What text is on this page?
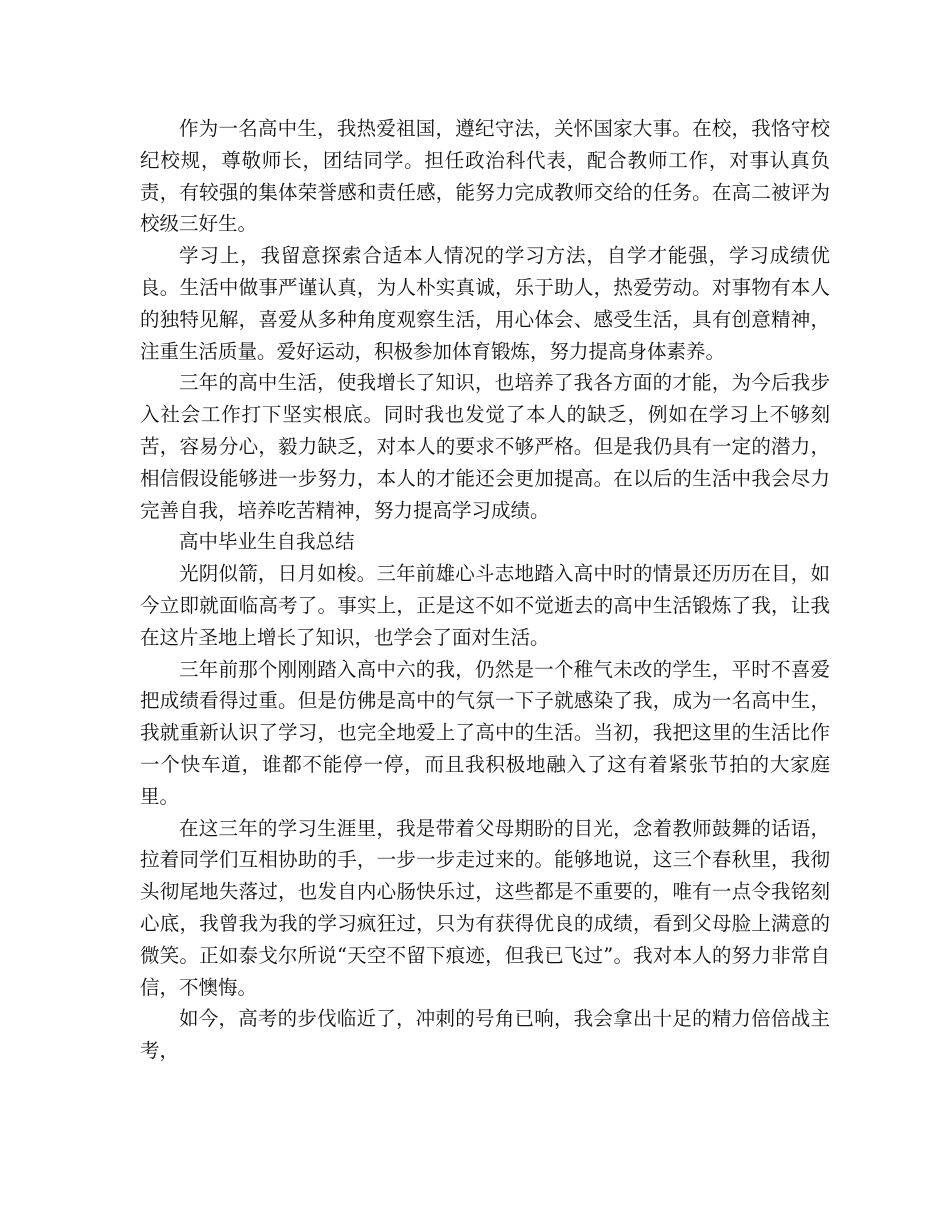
作为一名高中生，我热爱祖国，遵纪守法，关怀国家大事。在校，我恪守校纪校规，尊敬师长，团结同学。担任政治科代表，配合教师工作，对事认真负责，有较强的集体荣誉感和责任感，能努力完成教师交给的任务。在高二被评为校级三好生。

学习上，我留意探索合适本人情况的学习方法，自学才能强，学习成绩优良。生活中做事严谨认真，为人朴实真诚，乐于助人，热爱劳动。对事物有本人的独特见解，喜爱从多种角度观察生活，用心体会、感受生活，具有创意精神，注重生活质量。爱好运动，积极参加体育锻炼，努力提高身体素养。

三年的高中生活，使我增长了知识，也培养了我各方面的才能，为今后我步入社会工作打下坚实根底。同时我也发觉了本人的缺乏，例如在学习上不够刻苦，容易分心，毅力缺乏，对本人的要求不够严格。但是我仍具有一定的潜力，相信假设能够进一步努力，本人的才能还会更加提高。在以后的生活中我会尽力完善自我，培养吃苦精神，努力提高学习成绩。

高中毕业生自我总结

光阴似箭，日月如梭。三年前雄心斗志地踏入高中时的情景还历历在目，如今立即就面临高考了。事实上，正是这不如不觉逝去的高中生活锻炼了我，让我在这片圣地上增长了知识，也学会了面对生活。

三年前那个刚刚踏入高中六的我，仍然是一个稚气未改的学生，平时不喜爱把成绩看得过重。但是仿佛是高中的气氛一下子就感染了我，成为一名高中生，我就重新认识了学习，也完全地爱上了高中的生活。当初，我把这里的生活比作一个快车道，谁都不能停一停，而且我积极地融入了这有着紧张节拍的大家庭里。

在这三年的学习生涯里，我是带着父母期盼的目光，念着教师鼓舞的话语，拉着同学们互相协助的手，一步一步走过来的。能够地说，这三个春秋里，我彻头彻尾地失落过，也发自内心肠快乐过，这些都是不重要的，唯有一点令我铭刻心底，我曾我为我的学习疯狂过，只为有获得优良的成绩，看到父母脸上满意的微笑。正如泰戈尔所说“天空不留下痕迹，但我已飞过”。我对本人的努力非常自信，不懊悔。

如今，高考的步伐临近了，冲刺的号角已响，我会拿出十足的精力倍倍战主考，
